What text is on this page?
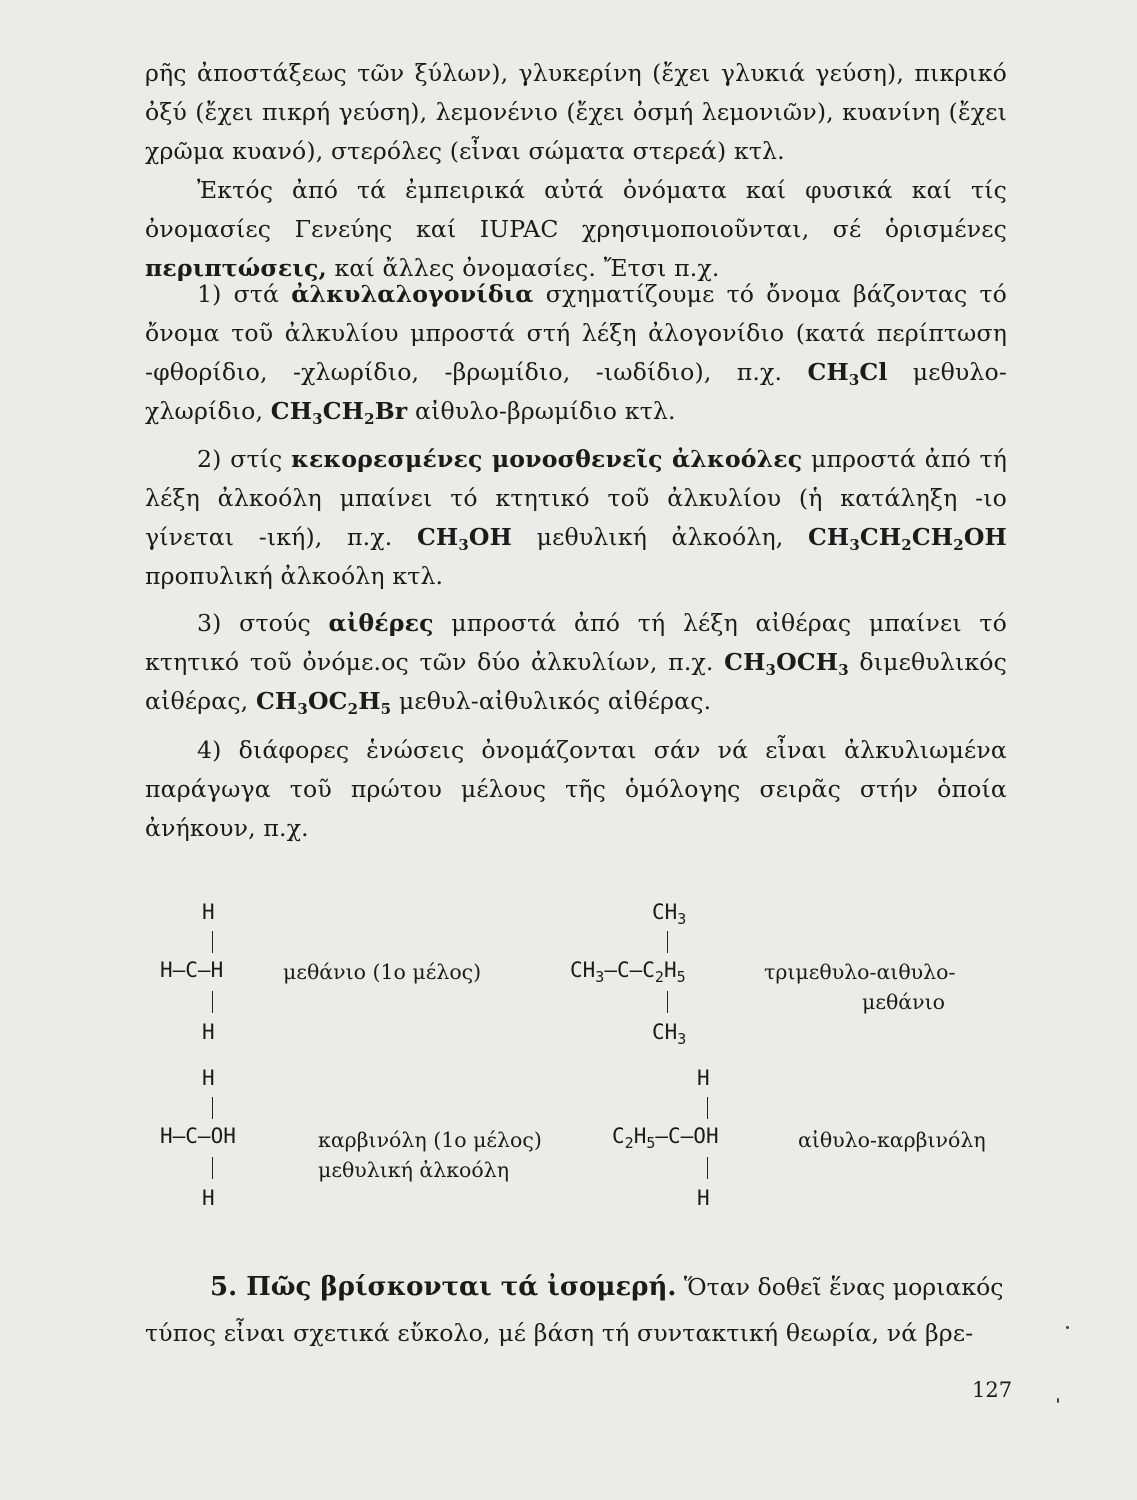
ρῆς ἀποστάξεως τῶν ξύλων), γλυκερίνη (ἔχει γλυκιά γεύση), πικρικό ὀξύ (ἔχει πικρή γεύση), λεμονένιο (ἔχει ὀσμή λεμονιῶν), κυανίνη (ἔχει χρῶμα κυανό), στερόλες (εἶναι σώματα στερεά) κτλ.

Ἐκτός ἀπό τά ἐμπειρικά αὐτά ὀνόματα καί φυσικά καί τίς ὀνομασίες Γενεύης καί IUPAC χρησιμοποιοῦνται, σέ ὁρισμένες περιπτώσεις, καί ἄλλες ὀνομασίες. Ἔτσι π.χ.

1) στά ἀλκυλαλογονίδια σχηματίζουμε τό ὄνομα βάζοντας τό ὄνομα τοῦ ἀλκυλίου μπροστά στή λέξη ἀλογονίδιο (κατά περίπτωση -φθορίδιο, -χλωρίδιο, -βρωμίδιο, -ιωδίδιο), π.χ. $CH_3Cl$ μεθυλο-χλωρίδιο, $CH_3CH_2Br$ αἰθυλο-βρωμίδιο κτλ.

2) στίς κεκορεσμένες μονοσθενεῖς ἀλκοόλες μπροστά ἀπό τή λέξη ἀλκοόλη μπαίνει τό κτητικό τοῦ ἀλκυλίου (ἡ κατάληξη -ιο γίνεται -ική), π.χ. $CH_3OH$ μεθυλική ἀλκοόλη, $CH_3CH_2CH_2OH$ προπυλική ἀλκοόλη κτλ.

3) στούς αἰθέρες μπροστά ἀπό τή λέξη αἰθέρας μπαίνει τό κτητικό τοῦ ὀνόμε.ος τῶν δύο ἀλκυλίων, π.χ. $CH_3OCH_3$ διμεθυλικός αἰθέρας, $CH_3OC_2H_5$ μεθυλ-αἰθυλικός αἰθέρας.

4) διάφορες ἑνώσεις ὀνομάζονται σάν νά εἶναι ἀλκυλιωμένα παράγωγα τοῦ πρώτου μέλους τῆς ὁμόλογης σειρᾶς στήν ὁποία ἀνήκουν, π.χ.

H
H—C—H
H
μεθάνιο (1ο μέλος)
$CH_3$
$CH_3—C—C_2H_5$
$CH_3$
τριμεθυλο-αιθυλο-
μεθάνιο
H
H—C—OH
H
καρβινόλη (1ο μέλος)
μεθυλική ἀλκοόλη
H
$C_2H_5—C—OH$
H
αἰθυλο-καρβινόλη
5. Πῶς βρίσκονται τά ἰσομερή. Ὅταν δοθεῖ ἕνας μοριακός

τύπος εἶναι σχετικά εὔκολο, μέ βάση τή συντακτική θεωρία, νά βρε-

127
